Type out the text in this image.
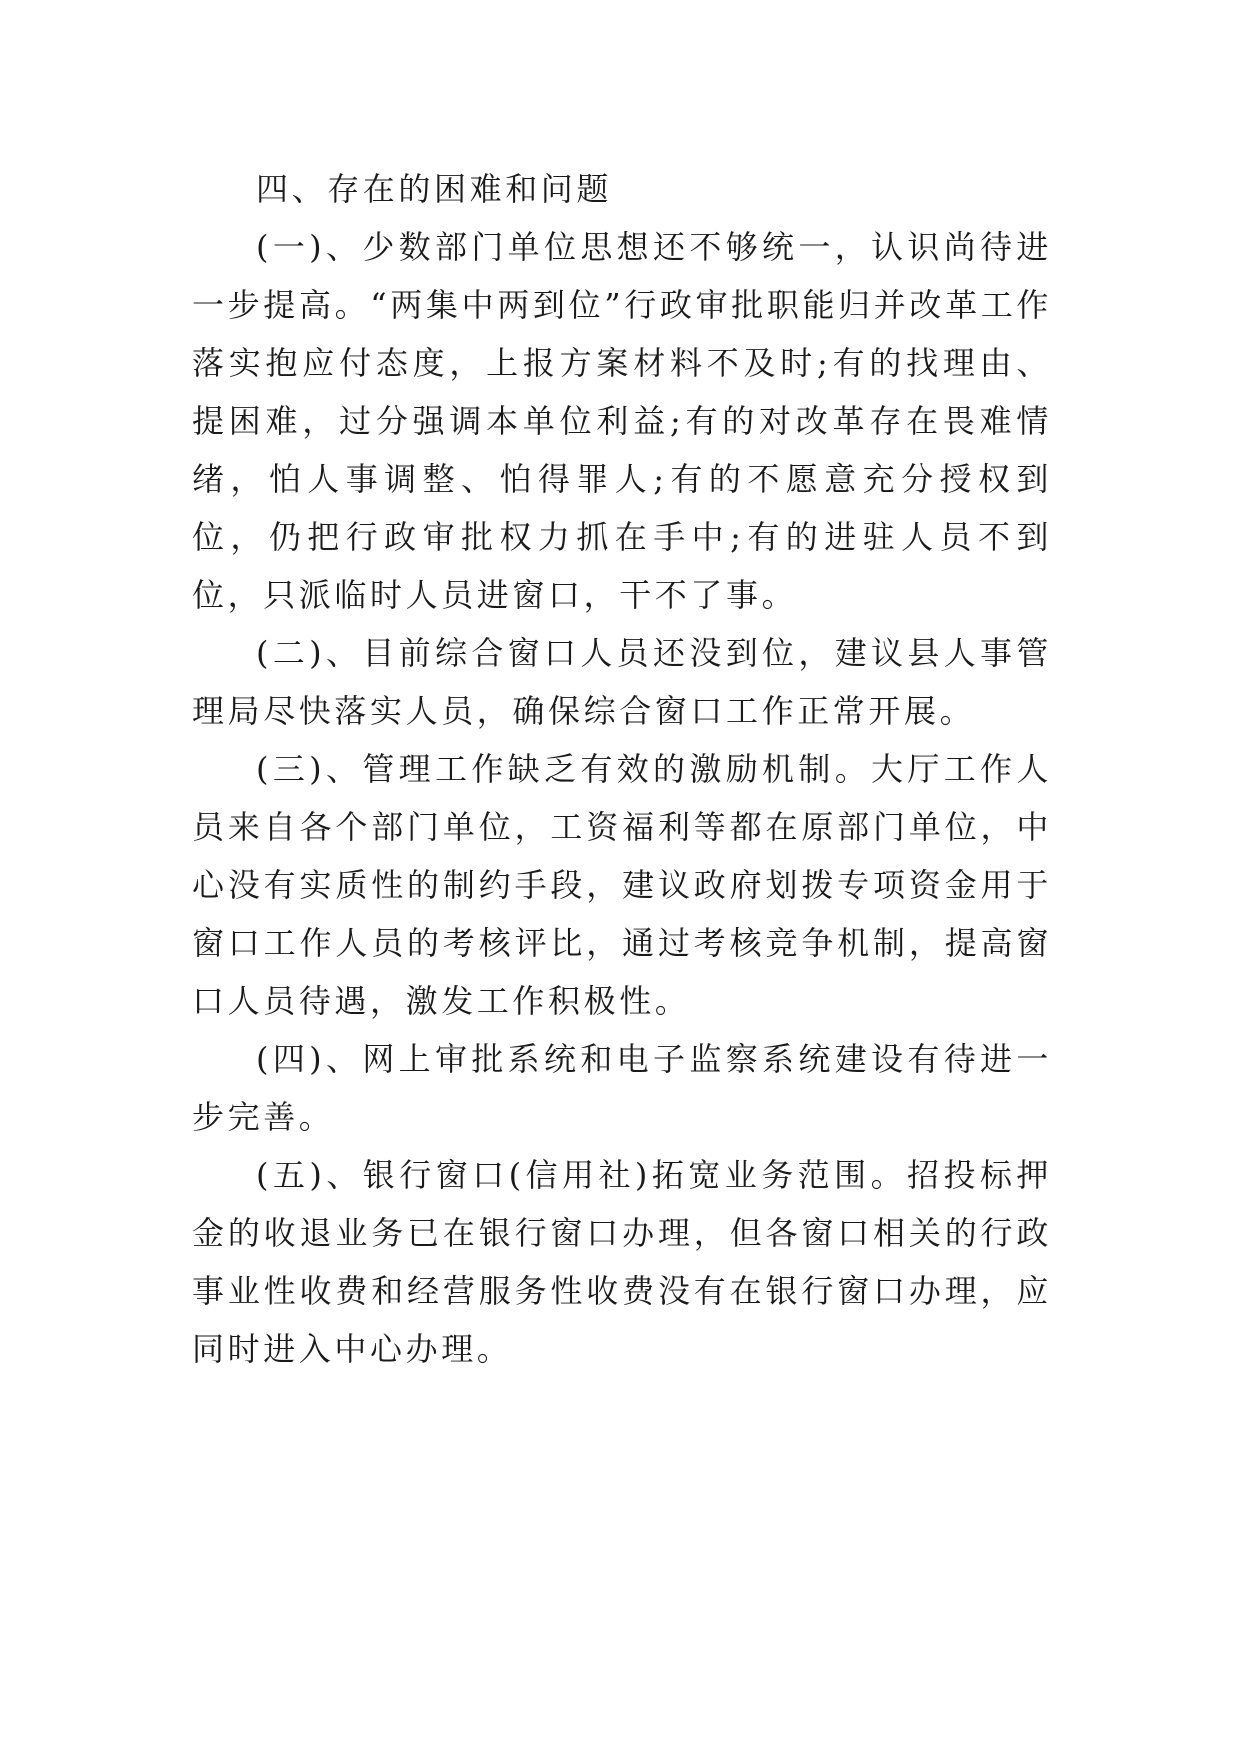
四、存在的困难和问题

(一)、少数部门单位思想还不够统一，认识尚待进一步提高。“两集中两到位”行政审批职能归并改革工作落实抱应付态度，上报方案材料不及时;有的找理由、提困难，过分强调本单位利益;有的对改革存在畏难情绪，怕人事调整、怕得罪人;有的不愿意充分授权到位，仍把行政审批权力抓在手中;有的进驻人员不到位，只派临时人员进窗口，干不了事。

(二)、目前综合窗口人员还没到位，建议县人事管理局尽快落实人员，确保综合窗口工作正常开展。

(三)、管理工作缺乏有效的激励机制。大厅工作人员来自各个部门单位，工资福利等都在原部门单位，中心没有实质性的制约手段，建议政府划拨专项资金用于窗口工作人员的考核评比，通过考核竞争机制，提高窗口人员待遇，激发工作积极性。

(四)、网上审批系统和电子监察系统建设有待进一步完善。

(五)、银行窗口(信用社)拓宽业务范围。招投标押金的收退业务已在银行窗口办理，但各窗口相关的行政事业性收费和经营服务性收费没有在银行窗口办理，应同时进入中心办理。
